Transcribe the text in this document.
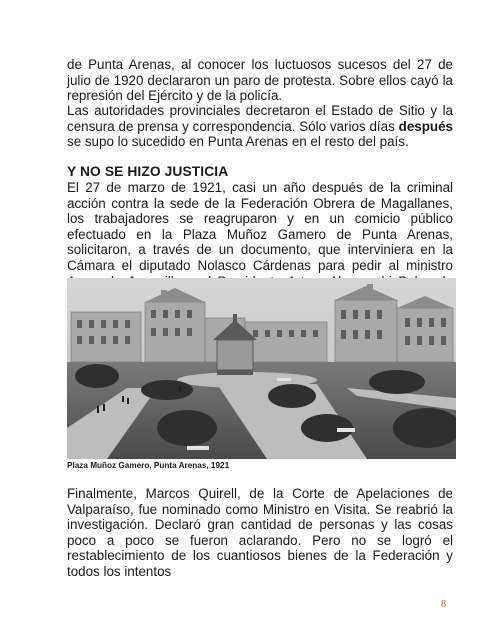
de Punta Arenas, al conocer los luctuosos sucesos del 27 de julio de 1920 declararon un paro de protesta. Sobre ellos cayó la represión del Ejército y de la policía.

Las autoridades provinciales decretaron el Estado de Sitio y la censura de prensa y correspondencia. Sólo varios días después se supo lo sucedido en Punta Arenas en el resto del país.

Y NO SE HIZO JUSTICIA

El 27 de marzo de 1921, casi un año después de la criminal acción contra la sede de la Federación Obrera de Magallanes, los trabajadores se reagruparon y en un comicio público efectuado en la Plaza Muñoz Gamero de Punta Arenas, solicitaron, a través de un documento, que interviniera en la Cámara el diputado Nolasco Cárdenas para pedir al ministro

Plaza Muñoz Gamero, Punta Arenas, 1921

Finalmente, Marcos Quirell, de la Corte de Apelaciones de Valparaíso, fue nominado como Ministro en Visita. Se reabrió la investigación. Declaró gran cantidad de personas y las cosas poco a poco se fueron aclarando. Pero no se logró el restablecimiento de los cuantiosos bienes de la Federación y todos los intentos

8
